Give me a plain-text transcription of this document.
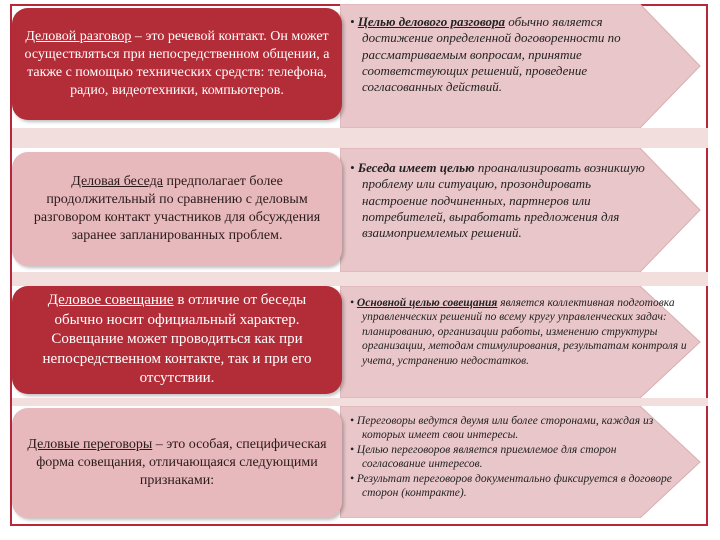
• Целью делового разговора обычно является достижение определенной договоренности по рассматриваемым вопросам, принятие соответствующих решений, проведение согласованных действий.
Деловой разговор – это речевой контакт. Он может осуществляться при непосредственном общении, а также с помощью технических средств: телефона, радио, видеотехники, компьютеров.
• Беседа имеет целью проанализировать возникшую проблему или ситуацию, прозондировать настроение подчиненных, партнеров или потребителей, выработать предложения для взаимоприемлемых решений.
Деловая беседа предполагает более продолжительный по сравнению с деловым разговором контакт участников для обсуждения заранее запланированных проблем.
• Основной целью совещания является коллективная подготовка управленческих решений по всему кругу управленческих задач: планированию, организации работы, изменению структуры организации, методам стимулирования, результатам контроля и учета, устранению недостатков.
Деловое совещание в отличие от беседы обычно носит официальный характер. Совещание может проводиться как при непосредственном контакте, так и при его отсутствии.
• Переговоры ведутся двумя или более сторонами, каждая из которых имеет свои интересы.
• Целью переговоров является приемлемое для сторон согласование интересов.
• Результат переговоров документально фиксируется в договоре сторон (контракте).
Деловые переговоры – это особая, специфическая форма совещания, отличающаяся следующими признаками:
